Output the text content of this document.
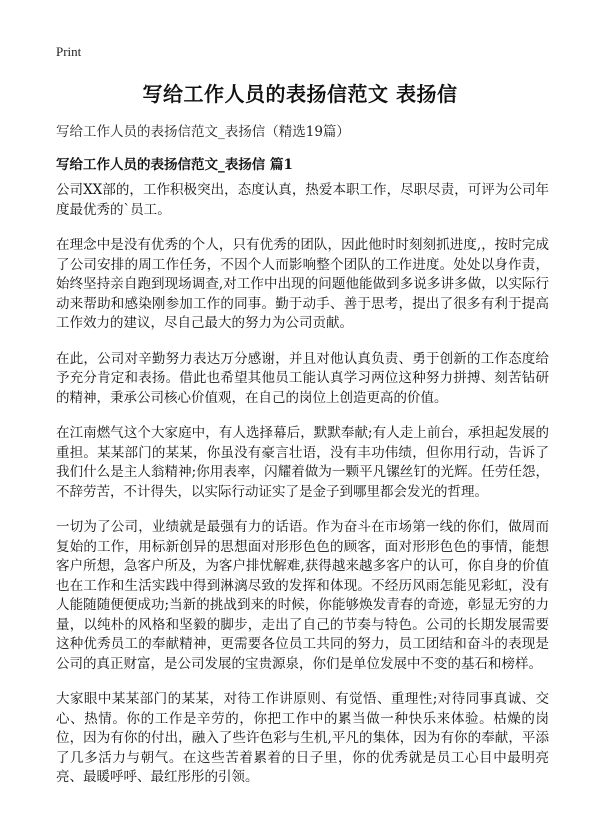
Print
写给工作人员的表扬信范文 表扬信

写给工作人员的表扬信范文_表扬信（精选19篇）

写给工作人员的表扬信范文_表扬信 篇1

公司XX部的，工作积极突出，态度认真，热爱本职工作，尽职尽责，可评为公司年度最优秀的`员工。

在理念中是没有优秀的个人，只有优秀的团队，因此他时时刻刻抓进度,，按时完成了公司安排的周工作任务，不因个人而影响整个团队的工作进度。处处以身作责，始终坚持亲自跑到现场调查,对工作中出现的问题他能做到多说多讲多做，以实际行动来帮助和感染刚参加工作的同事。勤于动手、善于思考，提出了很多有利于提高工作效力的建议，尽自己最大的努力为公司贡献。

在此，公司对辛勤努力表达万分感谢，并且对他认真负责、勇于创新的工作态度给予充分肯定和表扬。借此也希望其他员工能认真学习两位这种努力拼搏、刻苦钻研的精神，秉承公司核心价值观，在自己的岗位上创造更高的价值。

在江南燃气这个大家庭中，有人选择幕后，默默奉献;有人走上前台，承担起发展的重担。某某部门的某某，你虽没有豪言壮语，没有丰功伟绩，但你用行动，告诉了我们什么是主人翁精神;你用表率，闪耀着做为一颗平凡镙丝钉的光辉。任劳任怨，不辞劳苦，不计得失，以实际行动证实了是金子到哪里都会发光的哲理。

一切为了公司，业绩就是最强有力的话语。作为奋斗在市场第一线的你们，做周而复始的工作，用标新创异的思想面对形形色色的顾客，面对形形色色的事情，能想客户所想，急客户所及，为客户排忧解难,获得越来越多客户的认可，你自身的价值也在工作和生活实践中得到淋漓尽致的发挥和体现。不经历风雨怎能见彩虹，没有人能随随便便成功;当新的挑战到来的时候，你能够焕发青春的奇迹，彰显无穷的力量，以纯朴的风格和坚毅的脚步，走出了自己的节奏与特色。公司的长期发展需要这种优秀员工的奉献精神，更需要各位员工共同的努力，员工团结和奋斗的表现是公司的真正财富，是公司发展的宝贵源泉，你们是单位发展中不变的基石和榜样。

大家眼中某某部门的某某，对待工作讲原则、有觉悟、重理性;对待同事真诚、交心、热情。你的工作是辛劳的，你把工作中的累当做一种快乐来体验。枯燥的岗位，因为有你的付出，融入了些许色彩与生机,平凡的集体，因为有你的奉献，平添了几多活力与朝气。在这些苦着累着的日子里，你的优秀就是员工心目中最明亮亮、最暖呼呼、最红彤彤的引领。
